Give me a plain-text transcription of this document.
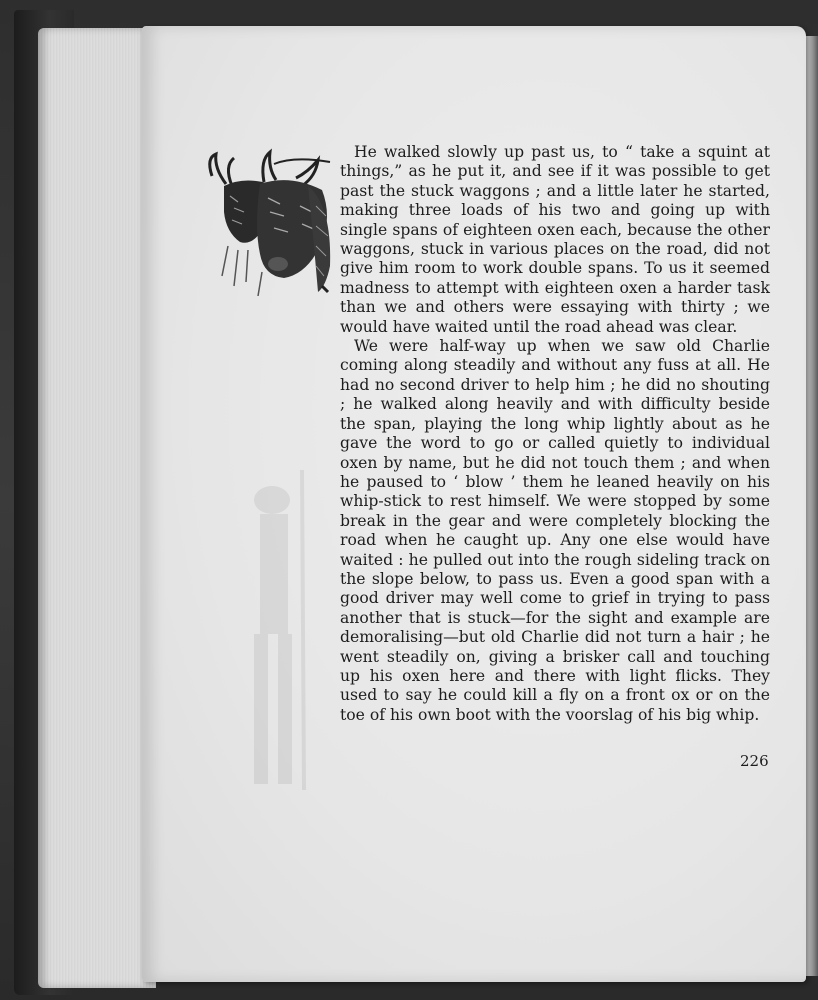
He walked slowly up past us, to “ take a squint at things,” as he put it, and see if it was possible to get past the stuck waggons ; and a little later he started, making three loads of his two and going up with single spans of eighteen oxen each, because the other waggons, stuck in various places on the road, did not give him room to work double spans. To us it seemed madness to attempt with eighteen oxen a harder task than we and others were essaying with thirty ; we would have waited until the road ahead was clear.

We were half-way up when we saw old Charlie coming along steadily and without any fuss at all. He had no second driver to help him ; he did no shouting ; he walked along heavily and with difficulty beside the span, playing the long whip lightly about as he gave the word to go or called quietly to individual oxen by name, but he did not touch them ; and when he paused to ‘ blow ’ them he leaned heavily on his whip-stick to rest himself. We were stopped by some break in the gear and were completely blocking the road when he caught up. Any one else would have waited : he pulled out into the rough sideling track on the slope below, to pass us. Even a good span with a good driver may well come to grief in trying to pass another that is stuck—for the sight and example are demoralising—but old Charlie did not turn a hair ; he went steadily on, giving a brisker call and touching up his oxen here and there with light flicks. They used to say he could kill a fly on a front ox or on the toe of his own boot with the voorslag of his big whip.

226
